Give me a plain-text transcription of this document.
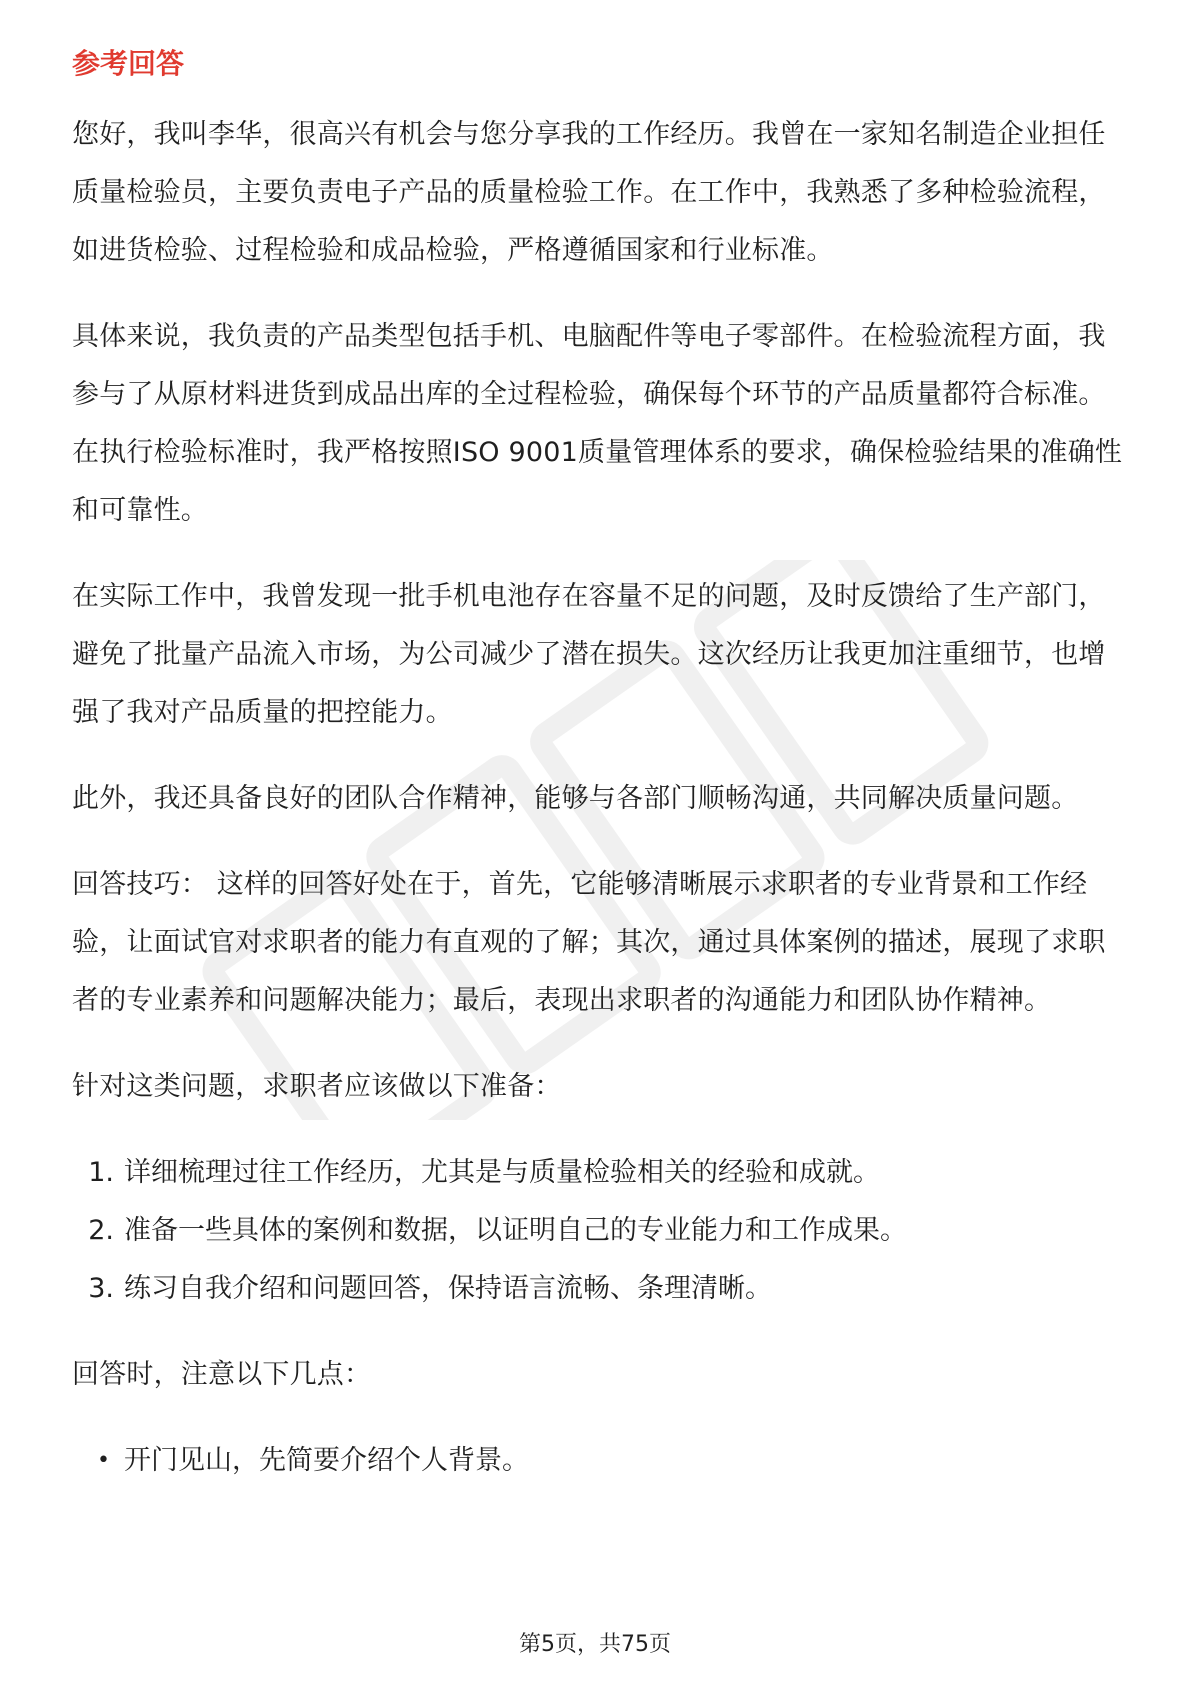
参考回答

您好，我叫李华，很高兴有机会与您分享我的工作经历。我曾在一家知名制造企业担任质量检验员，主要负责电子产品的质量检验工作。在工作中，我熟悉了多种检验流程，如进货检验、过程检验和成品检验，严格遵循国家和行业标准。

具体来说，我负责的产品类型包括手机、电脑配件等电子零部件。在检验流程方面，我参与了从原材料进货到成品出库的全过程检验，确保每个环节的产品质量都符合标准。在执行检验标准时，我严格按照ISO 9001质量管理体系的要求，确保检验结果的准确性和可靠性。

在实际工作中，我曾发现一批手机电池存在容量不足的问题，及时反馈给了生产部门，避免了批量产品流入市场，为公司减少了潜在损失。这次经历让我更加注重细节，也增强了我对产品质量的把控能力。

此外，我还具备良好的团队合作精神，能够与各部门顺畅沟通，共同解决质量问题。

回答技巧： 这样的回答好处在于，首先，它能够清晰展示求职者的专业背景和工作经验，让面试官对求职者的能力有直观的了解；其次，通过具体案例的描述，展现了求职者的专业素养和问题解决能力；最后，表现出求职者的沟通能力和团队协作精神。

针对这类问题，求职者应该做以下准备：

1. 详细梳理过往工作经历，尤其是与质量检验相关的经验和成就。
2. 准备一些具体的案例和数据，以证明自己的专业能力和工作成果。
3. 练习自我介绍和问题回答，保持语言流畅、条理清晰。

回答时，注意以下几点：

• 开门见山，先简要介绍个人背景。
第5页，共75页
